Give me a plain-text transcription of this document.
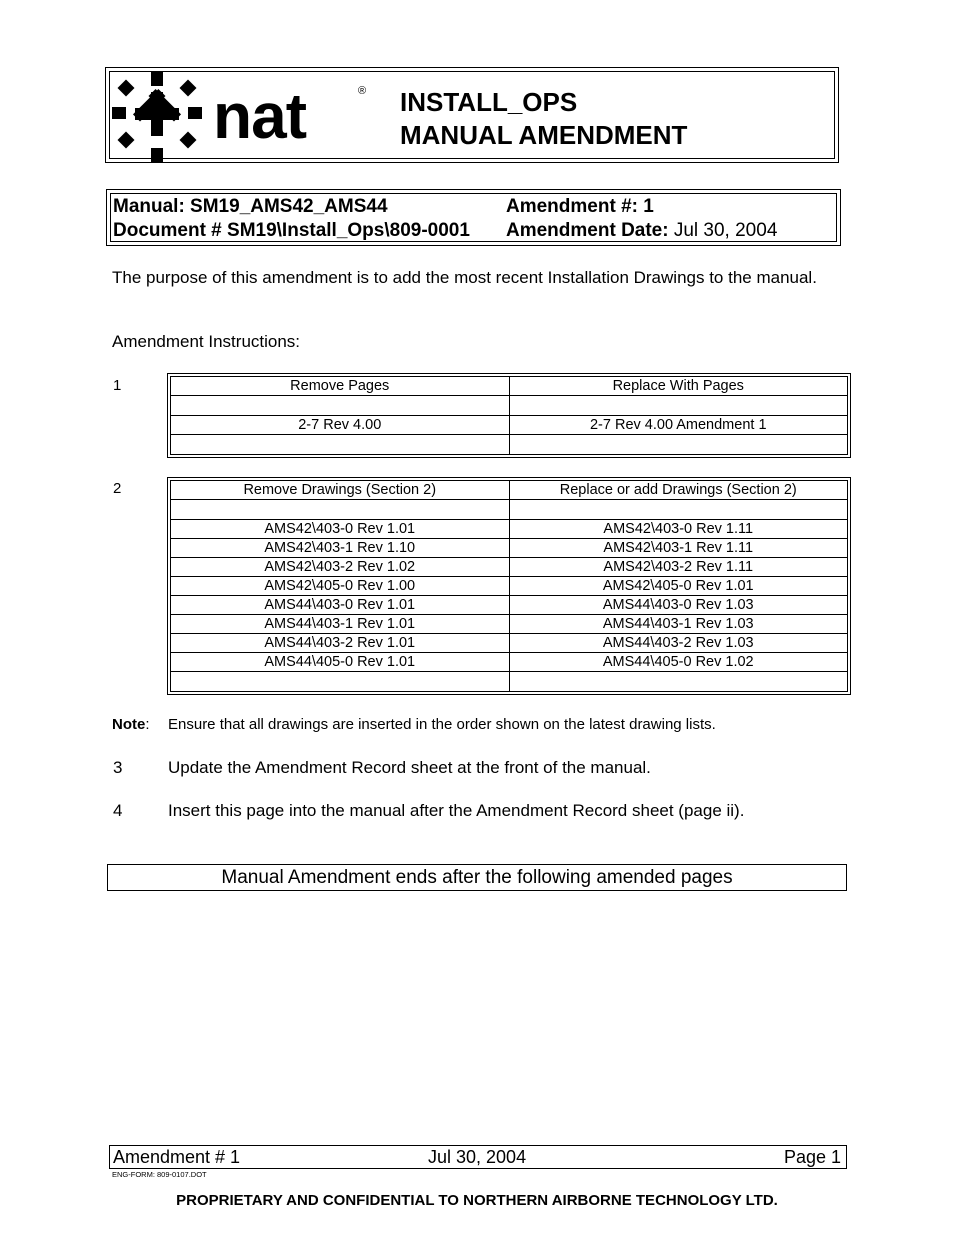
nat	® INSTALL_OPS
MANUAL AMENDMENT
Manual: SM19_AMS42_AMS44	Amendment #: 1
Document # SM19\Install_Ops\809-0001 Amendment Date: Jul 30, 2004
The purpose of this amendment is to add the most recent Installation Drawings to the manual.
Amendment Instructions:
1	Remove Pages	Replace With Pages

2-7 Rev 4.00	2-7 Rev 4.00 Amendment 1

2	Remove Drawings (Section 2)	Replace or add Drawings (Section 2)

AMS42\403-0 Rev 1.01	AMS42\403-0 Rev 1.11
AMS42\403-1 Rev 1.10	AMS42\403-1 Rev 1.11
AMS42\403-2 Rev 1.02	AMS42\403-2 Rev 1.11
AMS42\405-0 Rev 1.00	AMS42\405-0 Rev 1.01
AMS44\403-0 Rev 1.01	AMS44\403-0 Rev 1.03
AMS44\403-1 Rev 1.01	AMS44\403-1 Rev 1.03
AMS44\403-2 Rev 1.01	AMS44\403-2 Rev 1.03
AMS44\405-0 Rev 1.01	AMS44\405-0 Rev 1.02

Note: Ensure that all drawings are inserted in the order shown on the latest drawing lists.
3	Update the Amendment Record sheet at the front of the manual.
4	Insert this page into the manual after the Amendment Record sheet (page ii).
Manual Amendment ends after the following amended pages
Amendment # 1	Jul 30, 2004	Page 1
ENG-FORM: 809-0107.DOT
PROPRIETARY AND CONFIDENTIAL TO NORTHERN AIRBORNE TECHNOLOGY LTD.
